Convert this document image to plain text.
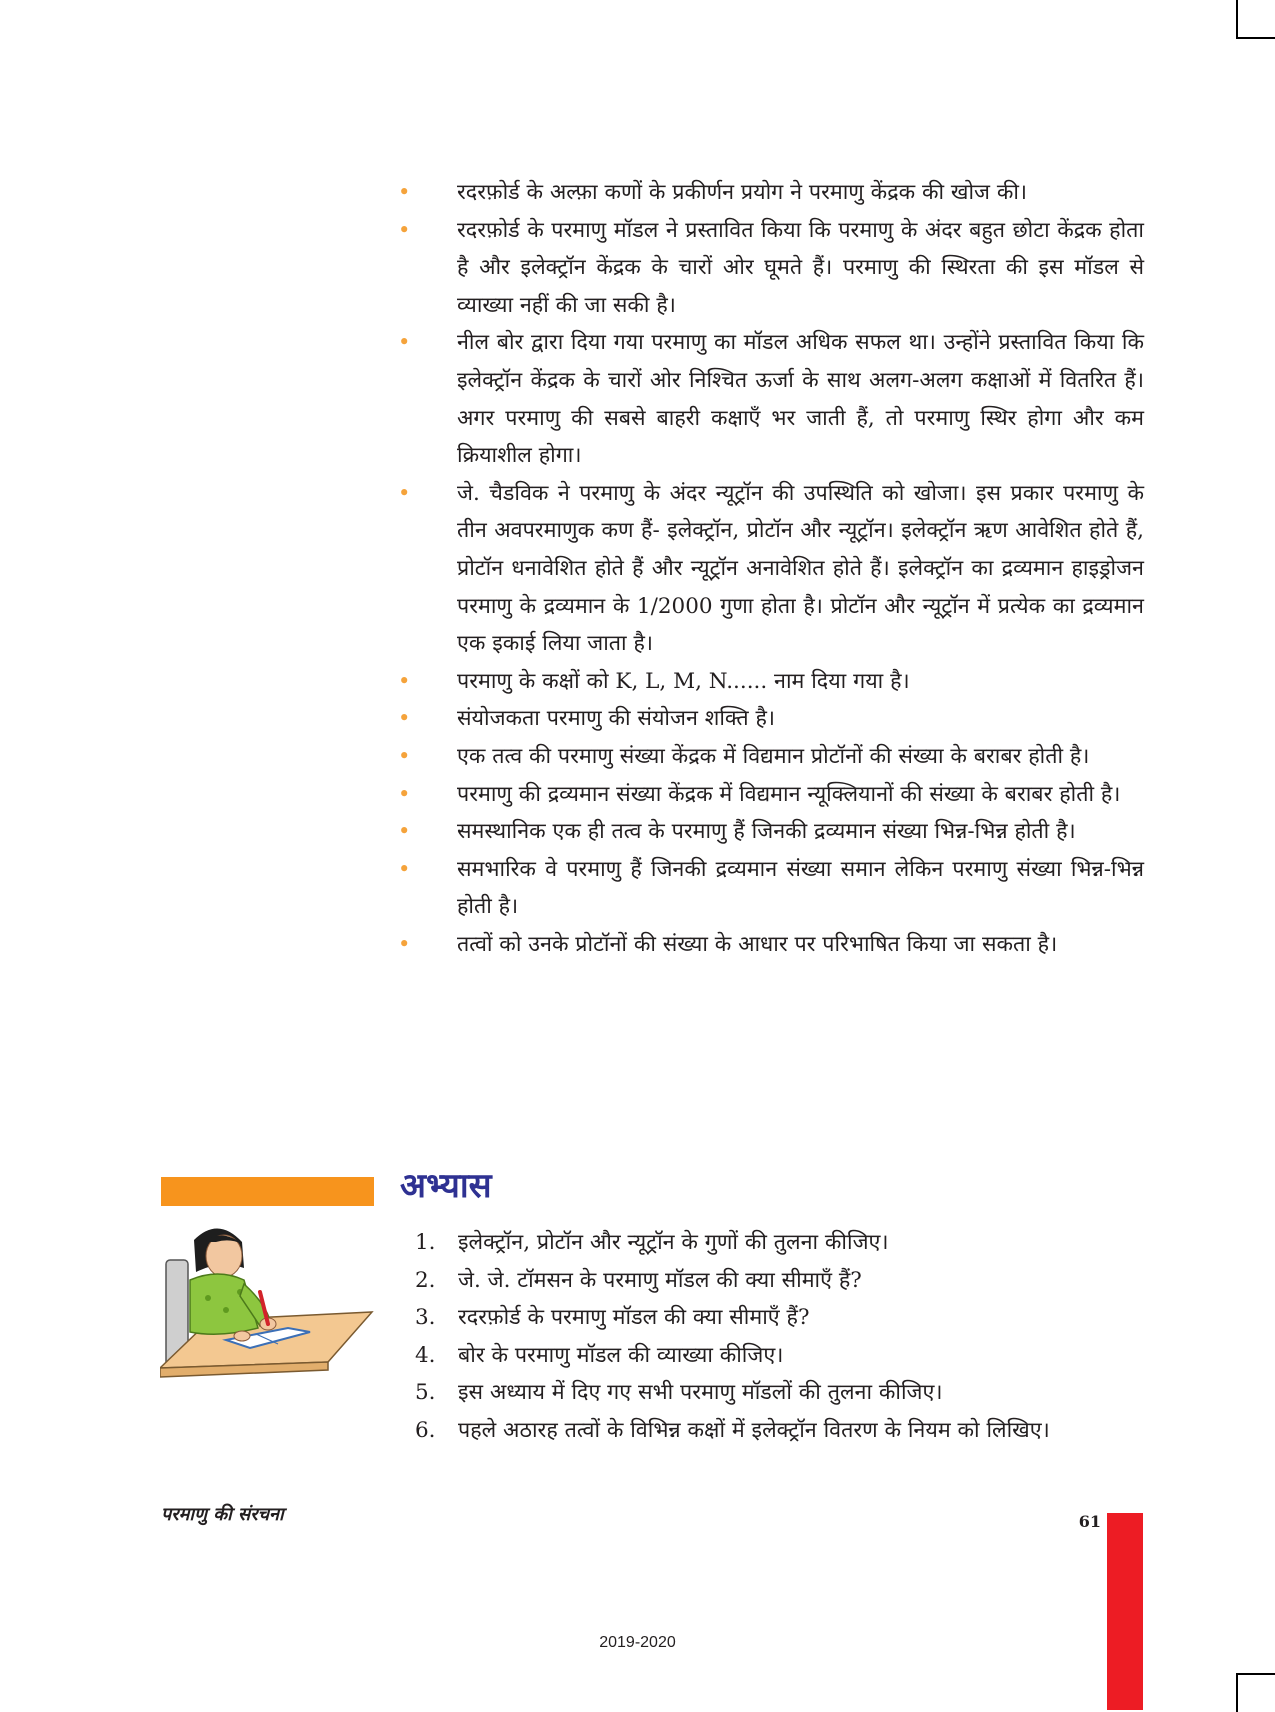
• रदरफ़ोर्ड के अल्फ़ा कणों के प्रकीर्णन प्रयोग ने परमाणु केंद्रक की खोज की।
• रदरफ़ोर्ड के परमाणु मॉडल ने प्रस्तावित किया कि परमाणु के अंदर बहुत छोटा केंद्रक होता है और इलेक्ट्रॉन केंद्रक के चारों ओर घूमते हैं। परमाणु की स्थिरता की इस मॉडल से व्याख्या नहीं की जा सकी है।
• नील बोर द्वारा दिया गया परमाणु का मॉडल अधिक सफल था। उन्होंने प्रस्तावित किया कि इलेक्ट्रॉन केंद्रक के चारों ओर निश्चित ऊर्जा के साथ अलग-अलग कक्षाओं में वितरित हैं। अगर परमाणु की सबसे बाहरी कक्षाएँ भर जाती हैं, तो परमाणु स्थिर होगा और कम क्रियाशील होगा।
• जे. चैडविक ने परमाणु के अंदर न्यूट्रॉन की उपस्थिति को खोजा। इस प्रकार परमाणु के तीन अवपरमाणुक कण हैं- इलेक्ट्रॉन, प्रोटॉन और न्यूट्रॉन। इलेक्ट्रॉन ऋण आवेशित होते हैं, प्रोटॉन धनावेशित होते हैं और न्यूट्रॉन अनावेशित होते हैं। इलेक्ट्रॉन का द्रव्यमान हाइड्रोजन परमाणु के द्रव्यमान के 1/2000 गुणा होता है। प्रोटॉन और न्यूट्रॉन में प्रत्येक का द्रव्यमान एक इकाई लिया जाता है।
• परमाणु के कक्षों को K, L, M, N...... नाम दिया गया है।
• संयोजकता परमाणु की संयोजन शक्ति है।
• एक तत्व की परमाणु संख्या केंद्रक में विद्यमान प्रोटॉनों की संख्या के बराबर होती है।
• परमाणु की द्रव्यमान संख्या केंद्रक में विद्यमान न्यूक्लियानों की संख्या के बराबर होती है।
• समस्थानिक एक ही तत्व के परमाणु हैं जिनकी द्रव्यमान संख्या भिन्न-भिन्न होती है।
• समभारिक वे परमाणु हैं जिनकी द्रव्यमान संख्या समान लेकिन परमाणु संख्या भिन्न-भिन्न होती है।
• तत्वों को उनके प्रोटॉनों की संख्या के आधार पर परिभाषित किया जा सकता है।
अभ्यास
1. इलेक्ट्रॉन, प्रोटॉन और न्यूट्रॉन के गुणों की तुलना कीजिए।
2. जे. जे. टॉमसन के परमाणु मॉडल की क्या सीमाएँ हैं?
3. रदरफ़ोर्ड के परमाणु मॉडल की क्या सीमाएँ हैं?
4. बोर के परमाणु मॉडल की व्याख्या कीजिए।
5. इस अध्याय में दिए गए सभी परमाणु मॉडलों की तुलना कीजिए।
6. पहले अठारह तत्वों के विभिन्न कक्षों में इलेक्ट्रॉन वितरण के नियम को लिखिए।
परमाणु की संरचना	61
2019-2020
